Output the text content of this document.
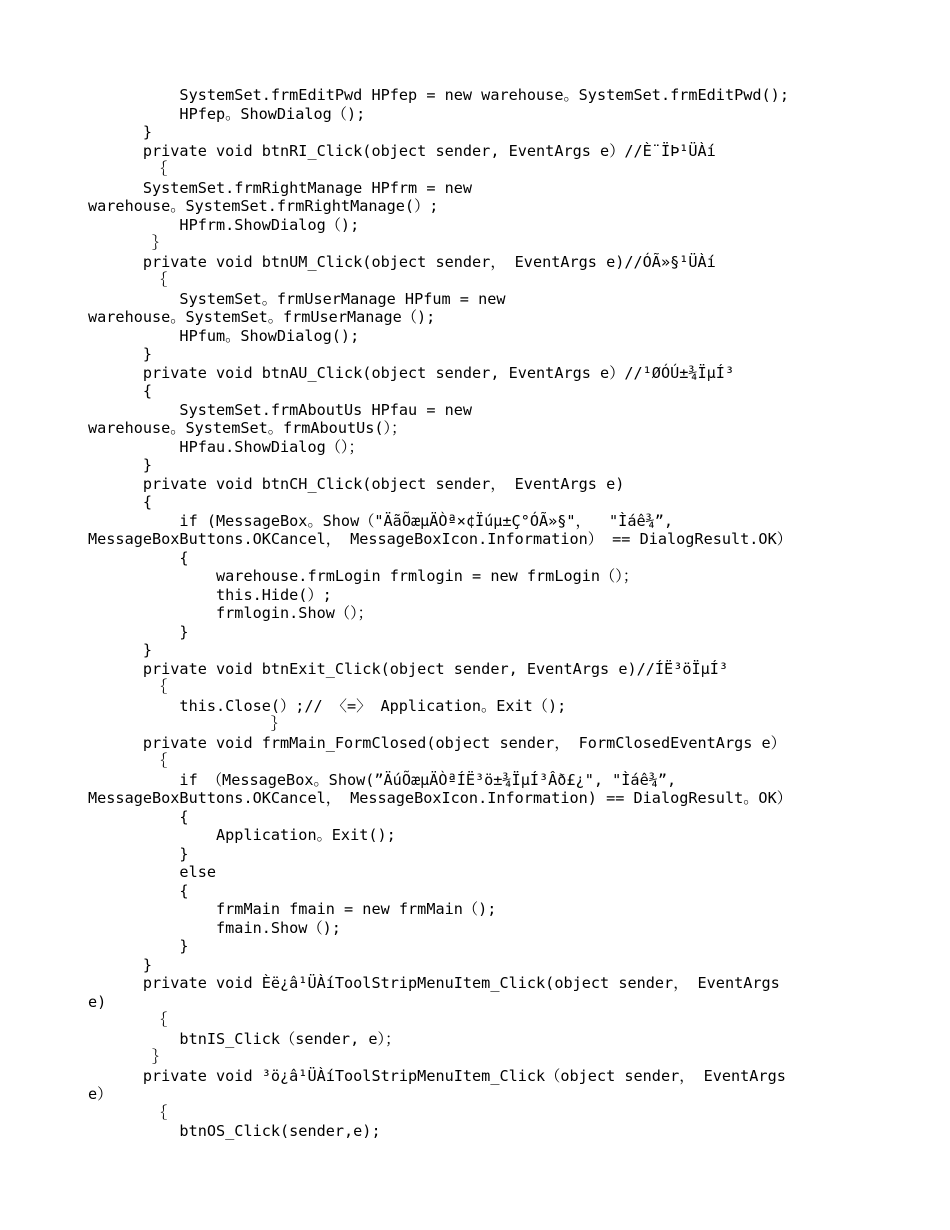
SystemSet.frmEditPwd HPfep = new warehouse。SystemSet.frmEditPwd();
HPfep。ShowDialog（);
}
private void btnRI_Click(object sender, EventArgs e）//È¨ÏÞ¹ÜÀí
｛
SystemSet.frmRightManage HPfrm = new
warehouse。SystemSet.frmRightManage(）;
HPfrm.ShowDialog（);
｝
private void btnUM_Click(object sender， EventArgs e)//ÓÃ»§¹ÜÀí
｛
SystemSet。frmUserManage HPfum = new
warehouse。SystemSet。frmUserManage（);
HPfum。ShowDialog();
}
private void btnAU_Click(object sender, EventArgs e）//¹ØÓÚ±¾ÏµÍ³
{
SystemSet.frmAboutUs HPfau = new
warehouse。SystemSet。frmAboutUs(）；
HPfau.ShowDialog（）；
}
private void btnCH_Click(object sender， EventArgs e)
{
if (MessageBox。Show（"ÄãÕæµÄÒª×¢Ïúµ±Ç°ÓÃ»§"，  "Ìáê¾”,
MessageBoxButtons.OKCancel， MessageBoxIcon.Information） == DialogResult.OK）
{
warehouse.frmLogin frmlogin = new frmLogin（）；
this.Hide(）;
frmlogin.Show（）；
}
}
private void btnExit_Click(object sender, EventArgs e)//ÍË³öÏµÍ³
｛
this.Close(）;// 〈=〉 Application。Exit（);
｝
private void frmMain_FormClosed(object sender， FormClosedEventArgs e）
｛
if （MessageBox。Show(”ÄúÕæµÄÒªÍË³ö±¾ÏµÍ³Âð£¿", "Ìáê¾”,
MessageBoxButtons.OKCancel， MessageBoxIcon.Information) == DialogResult。OK）
{
Application。Exit();
}
else
{
frmMain fmain = new frmMain（);
fmain.Show（);
}
}
private void Èë¿â¹ÜÀíToolStripMenuItem_Click(object sender， EventArgs
e)
｛
btnIS_Click（sender, e）；
｝
private void ³ö¿â¹ÜÀíToolStripMenuItem_Click（object sender， EventArgs
e）
｛
btnOS_Click(sender,e);
